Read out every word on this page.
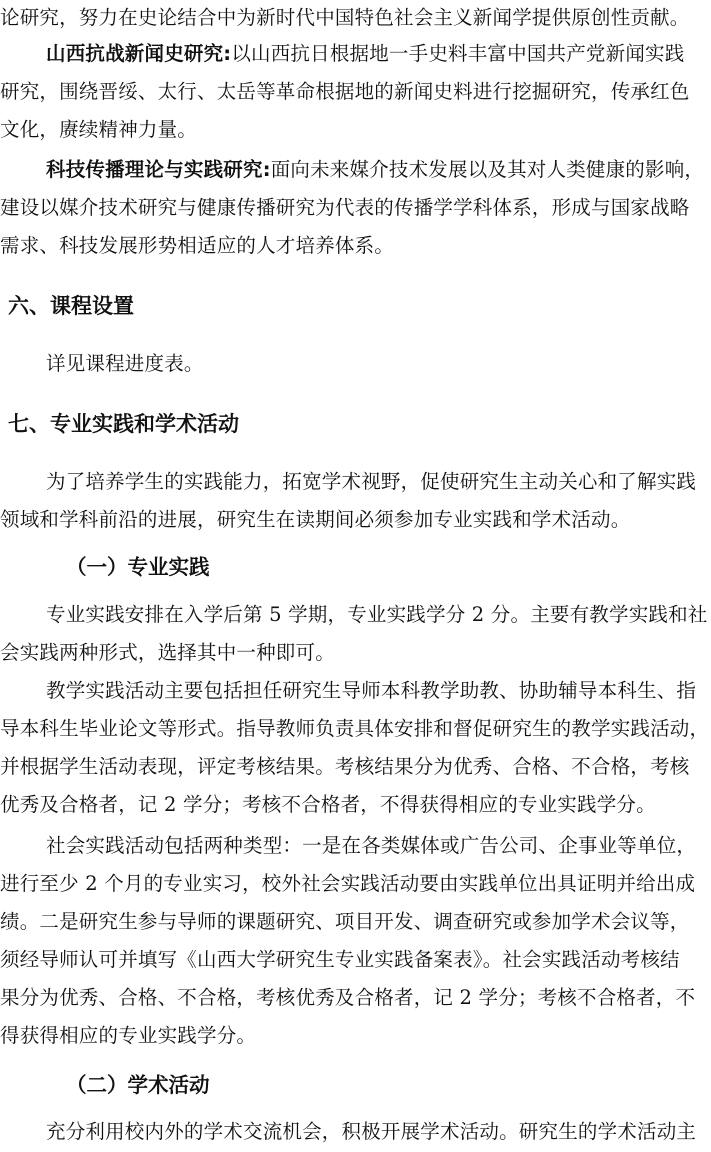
论研究，努力在史论结合中为新时代中国特色社会主义新闻学提供原创性贡献。
山西抗战新闻史研究:以山西抗日根据地一手史料丰富中国共产党新闻实践
研究，围绕晋绥、太行、太岳等革命根据地的新闻史料进行挖掘研究，传承红色
文化，赓续精神力量。
科技传播理论与实践研究:面向未来媒介技术发展以及其对人类健康的影响，
建设以媒介技术研究与健康传播研究为代表的传播学学科体系，形成与国家战略
需求、科技发展形势相适应的人才培养体系。
六、课程设置
详见课程进度表。
七、专业实践和学术活动
为了培养学生的实践能力，拓宽学术视野，促使研究生主动关心和了解实践
领域和学科前沿的进展，研究生在读期间必须参加专业实践和学术活动。
（一）专业实践
专业实践安排在入学后第 5 学期，专业实践学分 2 分。主要有教学实践和社
会实践两种形式，选择其中一种即可。
教学实践活动主要包括担任研究生导师本科教学助教、协助辅导本科生、指
导本科生毕业论文等形式。指导教师负责具体安排和督促研究生的教学实践活动，
并根据学生活动表现，评定考核结果。考核结果分为优秀、合格、不合格，考核
优秀及合格者，记 2 学分；考核不合格者，不得获得相应的专业实践学分。
社会实践活动包括两种类型：一是在各类媒体或广告公司、企事业等单位，
进行至少 2 个月的专业实习，校外社会实践活动要由实践单位出具证明并给出成
绩。二是研究生参与导师的课题研究、项目开发、调查研究或参加学术会议等，
须经导师认可并填写《山西大学研究生专业实践备案表》。社会实践活动考核结
果分为优秀、合格、不合格，考核优秀及合格者，记 2 学分；考核不合格者，不
得获得相应的专业实践学分。
（二）学术活动
充分利用校内外的学术交流机会，积极开展学术活动。研究生的学术活动主
